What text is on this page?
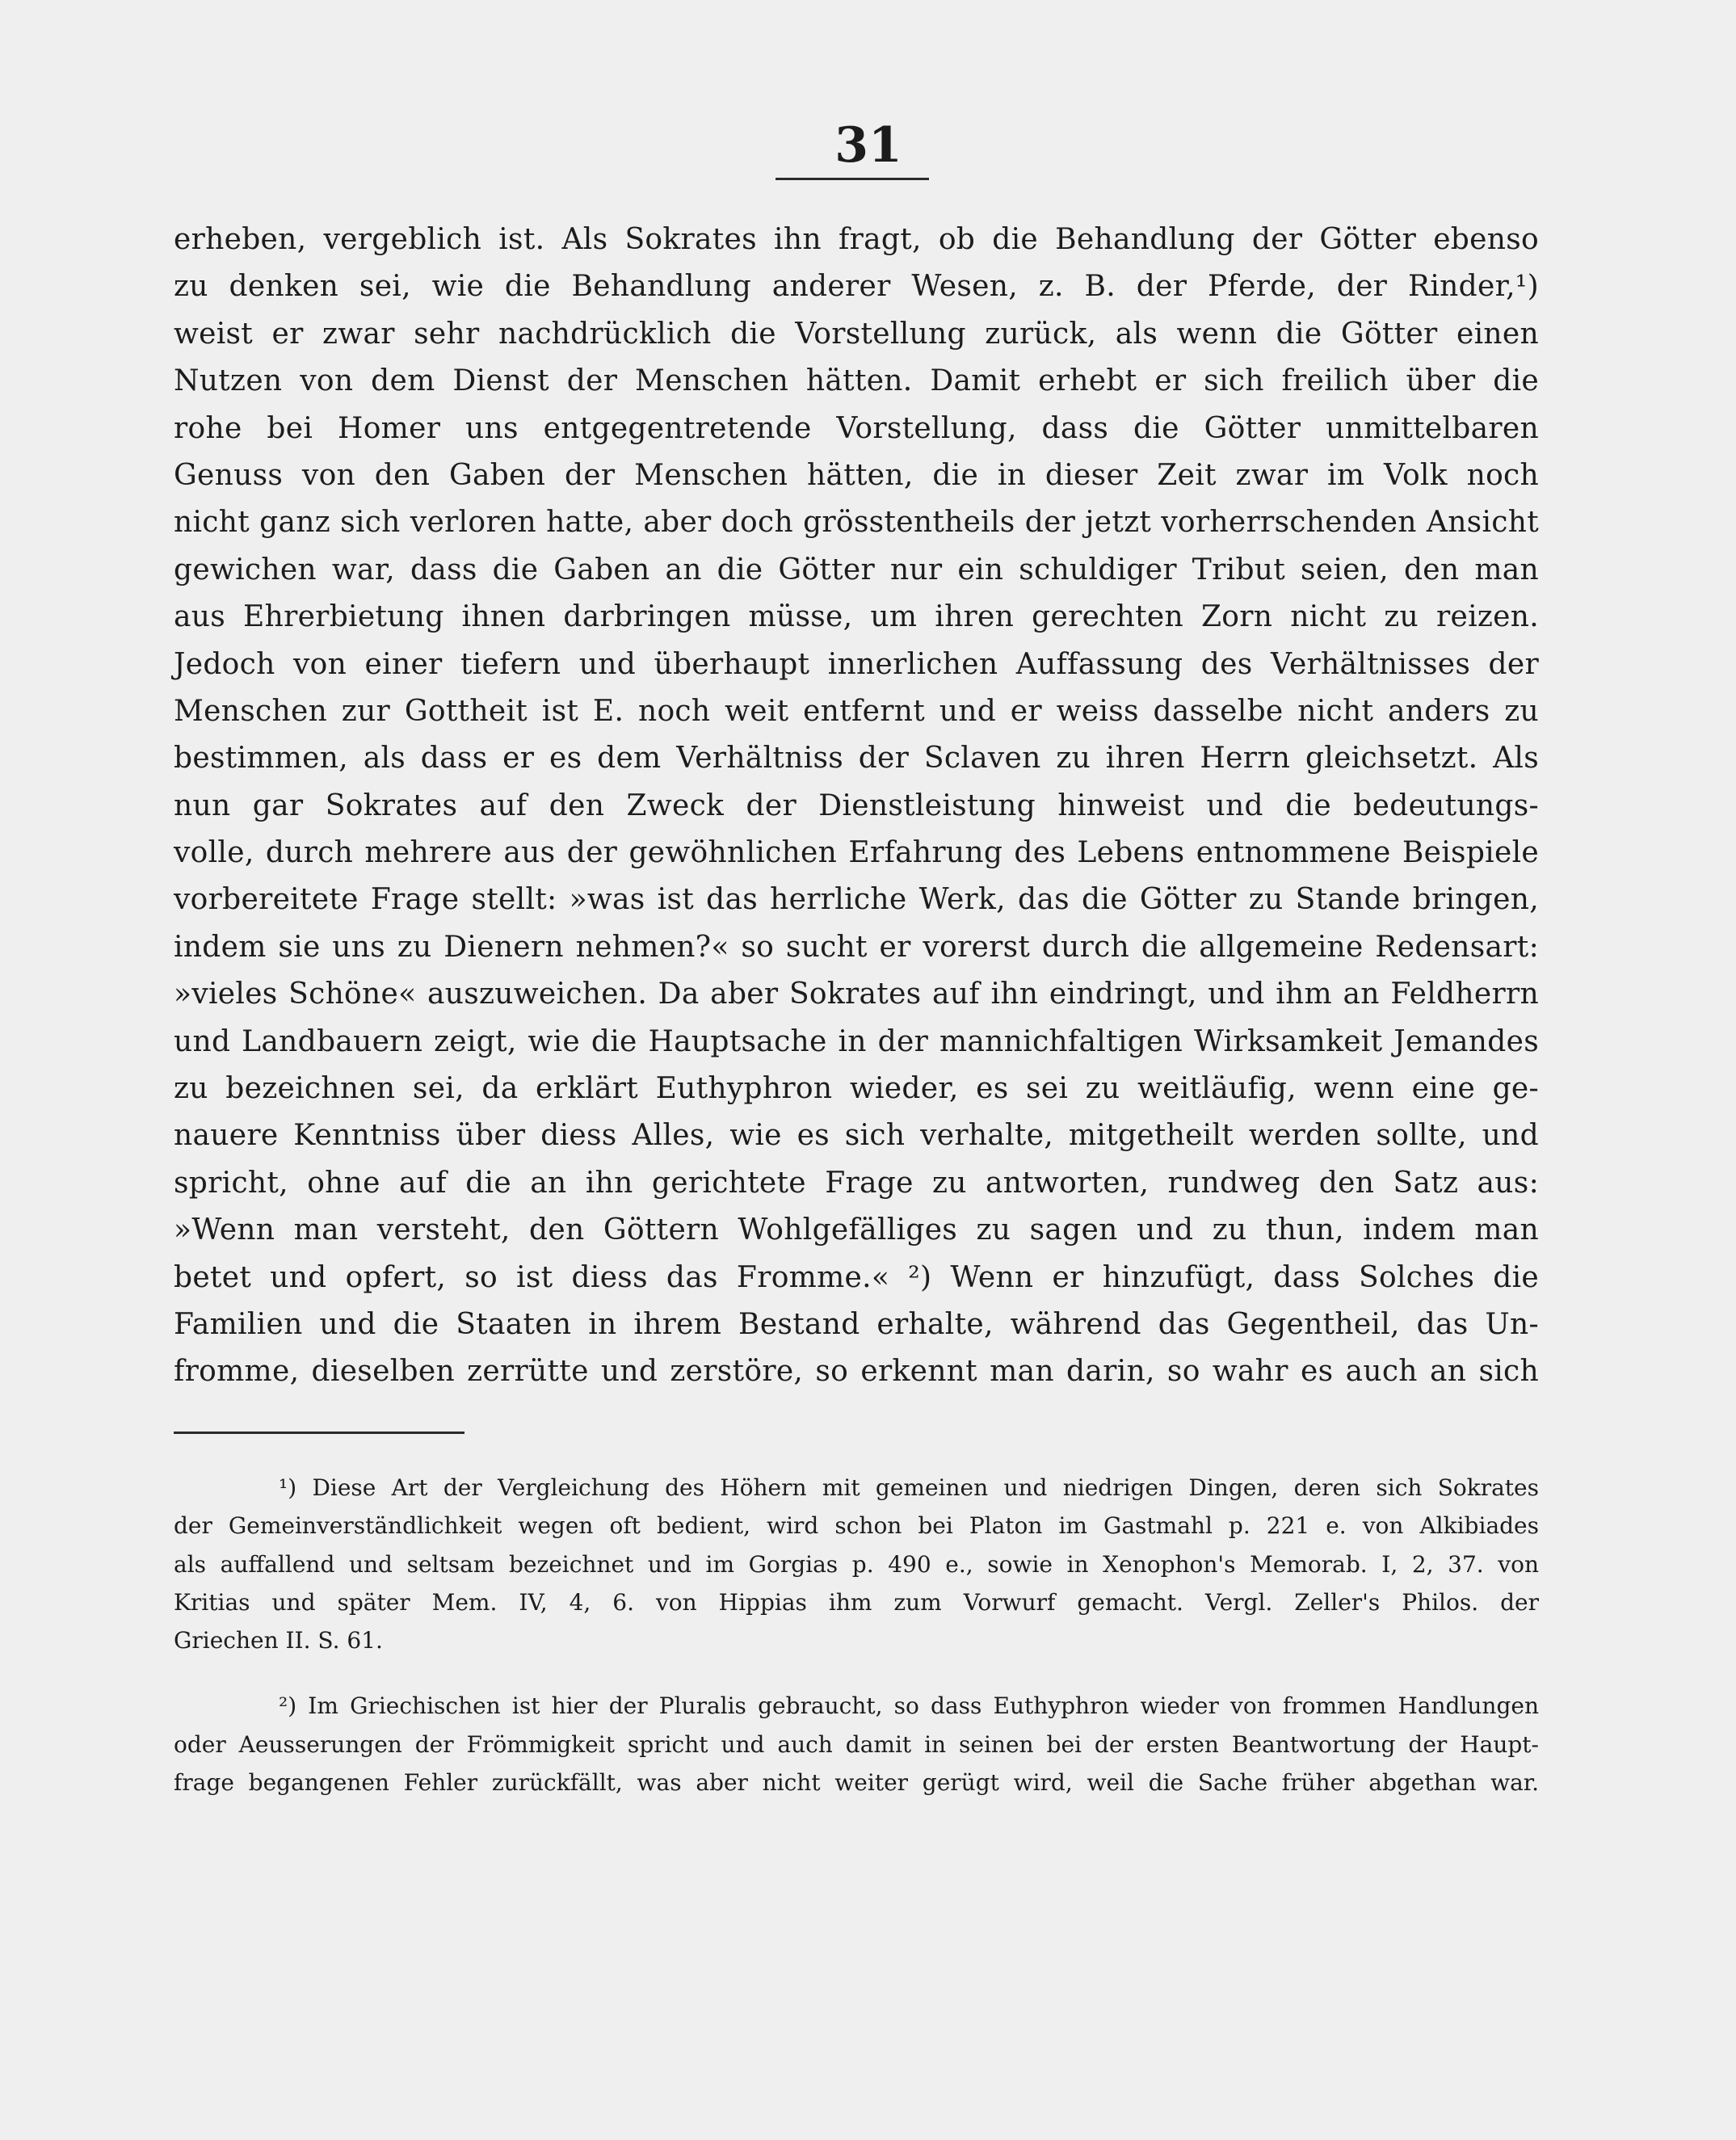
31
erheben, vergeblich ist. Als Sokrates ihn fragt, ob die Behandlung der Götter ebenso
zu denken sei, wie die Behandlung anderer Wesen, z. B. der Pferde, der Rinder,¹)
weist er zwar sehr nachdrücklich die Vorstellung zurück, als wenn die Götter einen
Nutzen von dem Dienst der Menschen hätten. Damit erhebt er sich freilich über die
rohe bei Homer uns entgegentretende Vorstellung, dass die Götter unmittelbaren
Genuss von den Gaben der Menschen hätten, die in dieser Zeit zwar im Volk noch
nicht ganz sich verloren hatte, aber doch grösstentheils der jetzt vorherrschenden Ansicht
gewichen war, dass die Gaben an die Götter nur ein schuldiger Tribut seien, den man
aus Ehrerbietung ihnen darbringen müsse, um ihren gerechten Zorn nicht zu reizen.
Jedoch von einer tiefern und überhaupt innerlichen Auffassung des Verhältnisses der
Menschen zur Gottheit ist E. noch weit entfernt und er weiss dasselbe nicht anders zu
bestimmen, als dass er es dem Verhältniss der Sclaven zu ihren Herrn gleichsetzt. Als
nun gar Sokrates auf den Zweck der Dienstleistung hinweist und die bedeutungs-
volle, durch mehrere aus der gewöhnlichen Erfahrung des Lebens entnommene Beispiele
vorbereitete Frage stellt: »was ist das herrliche Werk, das die Götter zu Stande bringen,
indem sie uns zu Dienern nehmen?« so sucht er vorerst durch die allgemeine Redensart:
»vieles Schöne« auszuweichen. Da aber Sokrates auf ihn eindringt, und ihm an Feldherrn
und Landbauern zeigt, wie die Hauptsache in der mannichfaltigen Wirksamkeit Jemandes
zu bezeichnen sei, da erklärt Euthyphron wieder, es sei zu weitläufig, wenn eine ge-
nauere Kenntniss über diess Alles, wie es sich verhalte, mitgetheilt werden sollte, und
spricht, ohne auf die an ihn gerichtete Frage zu antworten, rundweg den Satz aus:
»Wenn man versteht, den Göttern Wohlgefälliges zu sagen und zu thun, indem man
betet und opfert, so ist diess das Fromme.« ²) Wenn er hinzufügt, dass Solches die
Familien und die Staaten in ihrem Bestand erhalte, während das Gegentheil, das Un-
fromme, dieselben zerrütte und zerstöre, so erkennt man darin, so wahr es auch an sich
¹) Diese Art der Vergleichung des Höhern mit gemeinen und niedrigen Dingen, deren sich Sokrates
der Gemeinverständlichkeit wegen oft bedient, wird schon bei Platon im Gastmahl p. 221 e. von Alkibiades
als auffallend und seltsam bezeichnet und im Gorgias p. 490 e., sowie in Xenophon's Memorab. I, 2, 37. von
Kritias und später Mem. IV, 4, 6. von Hippias ihm zum Vorwurf gemacht. Vergl. Zeller's Philos. der
Griechen II. S. 61.
²) Im Griechischen ist hier der Pluralis gebraucht, so dass Euthyphron wieder von frommen Handlungen
oder Aeusserungen der Frömmigkeit spricht und auch damit in seinen bei der ersten Beantwortung der Haupt-
frage begangenen Fehler zurückfällt, was aber nicht weiter gerügt wird, weil die Sache früher abgethan war.
